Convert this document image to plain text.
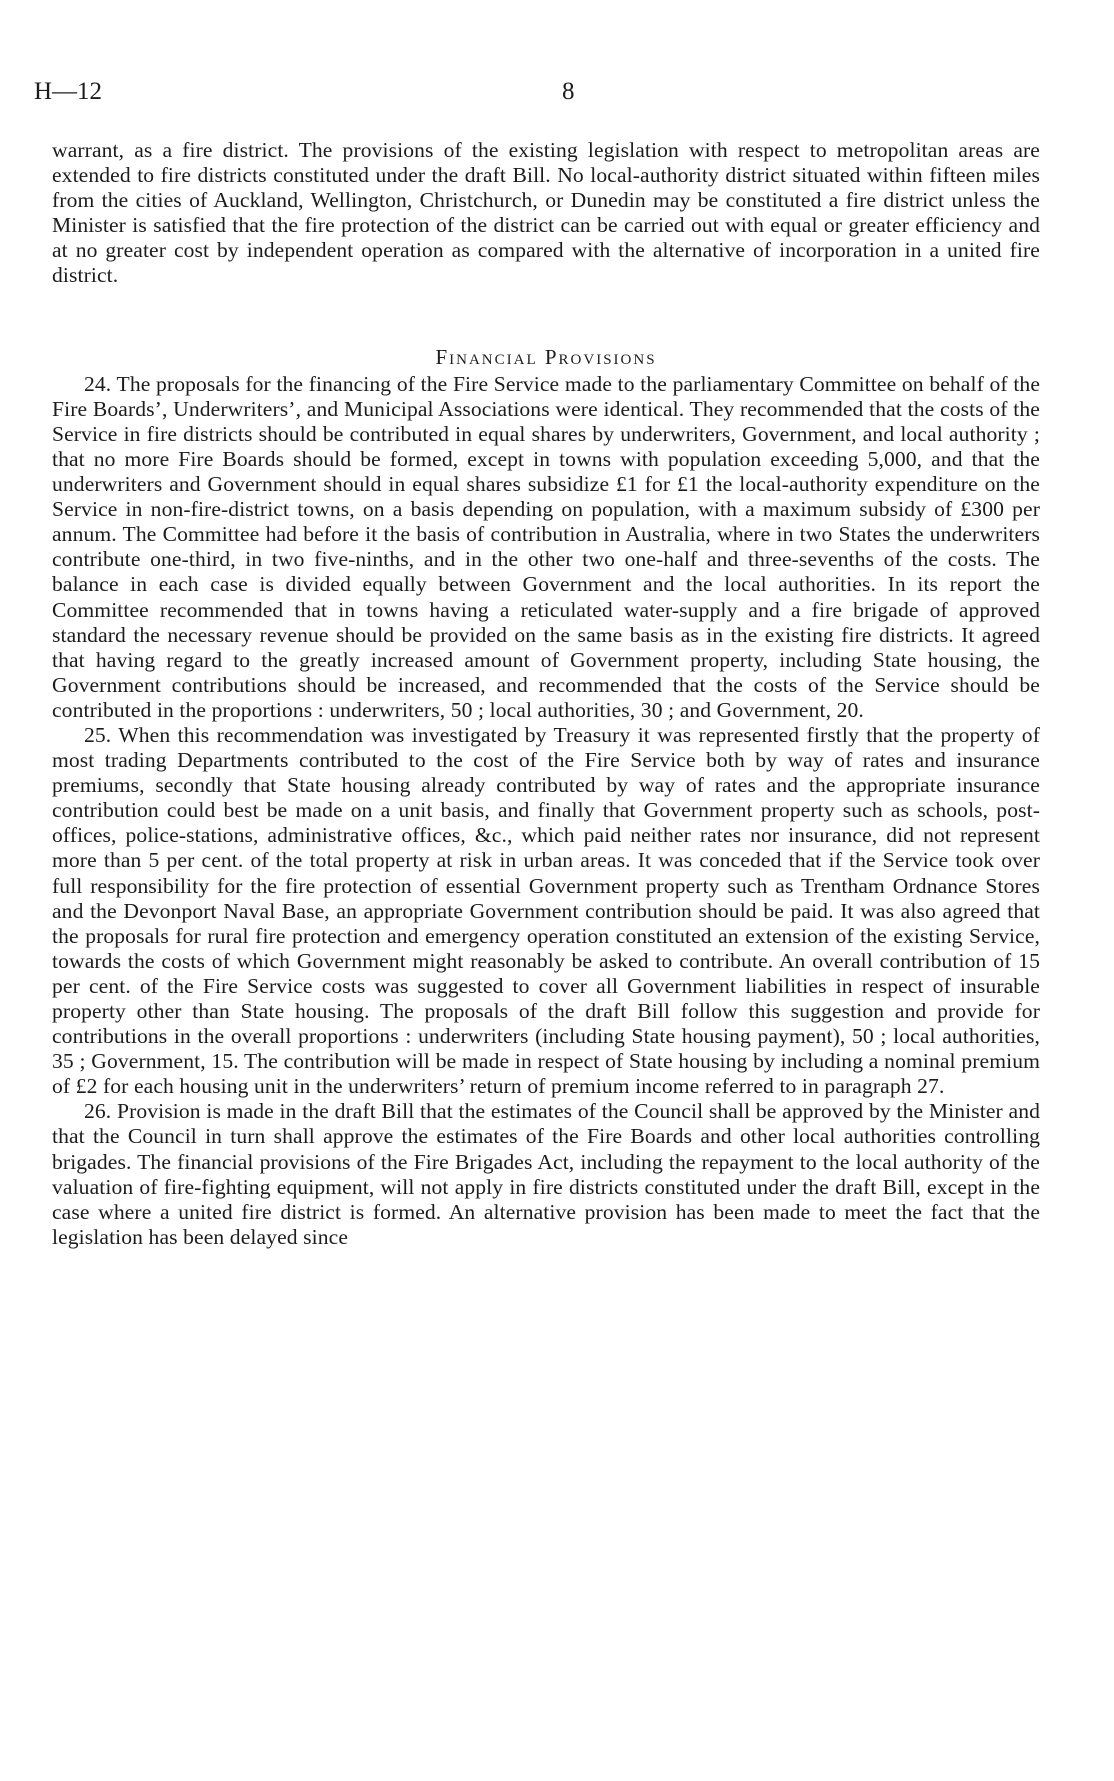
H—12	8

warrant, as a fire district. The provisions of the existing legislation with respect to metropolitan areas are extended to fire districts constituted under the draft Bill. No local-authority district situated within fifteen miles from the cities of Auckland, Wellington, Christchurch, or Dunedin may be constituted a fire district unless the Minister is satisfied that the fire protection of the district can be carried out with equal or greater efficiency and at no greater cost by independent operation as compared with the alternative of incorporation in a united fire district.

Financial Provisions

24. The proposals for the financing of the Fire Service made to the parliamentary Committee on behalf of the Fire Boards’, Underwriters’, and Municipal Associations were identical. They recommended that the costs of the Service in fire districts should be contributed in equal shares by underwriters, Government, and local authority ; that no more Fire Boards should be formed, except in towns with population exceeding 5,000, and that the underwriters and Government should in equal shares subsidize £1 for £1 the local-authority expenditure on the Service in non-fire-district towns, on a basis depending on population, with a maximum subsidy of £300 per annum. The Committee had before it the basis of contribution in Australia, where in two States the underwriters contribute one-third, in two five-ninths, and in the other two one-half and three-sevenths of the costs. The balance in each case is divided equally between Government and the local authorities. In its report the Committee recommended that in towns having a reticulated water-supply and a fire brigade of approved standard the necessary revenue should be provided on the same basis as in the existing fire districts. It agreed that having regard to the greatly increased amount of Government property, including State housing, the Government contributions should be increased, and recommended that the costs of the Service should be contributed in the proportions : underwriters, 50 ; local authorities, 30 ; and Government, 20.

25. When this recommendation was investigated by Treasury it was represented firstly that the property of most trading Departments contributed to the cost of the Fire Service both by way of rates and insurance premiums, secondly that State housing already contributed by way of rates and the appropriate insurance contribution could best be made on a unit basis, and finally that Government property such as schools, post-offices, police-stations, administrative offices, &c., which paid neither rates nor insurance, did not represent more than 5 per cent. of the total property at risk in urban areas. It was conceded that if the Service took over full responsibility for the fire protection of essential Government property such as Trentham Ordnance Stores and the Devonport Naval Base, an appropriate Government contribution should be paid. It was also agreed that the proposals for rural fire protection and emergency operation constituted an extension of the existing Service, towards the costs of which Government might reasonably be asked to contribute. An overall contribution of 15 per cent. of the Fire Service costs was suggested to cover all Government liabilities in respect of insurable property other than State housing. The proposals of the draft Bill follow this suggestion and provide for contributions in the overall proportions : underwriters (including State housing payment), 50 ; local authorities, 35 ; Government, 15. The contribution will be made in respect of State housing by including a nominal premium of £2 for each housing unit in the underwriters’ return of premium income referred to in paragraph 27.

26. Provision is made in the draft Bill that the estimates of the Council shall be approved by the Minister and that the Council in turn shall approve the estimates of the Fire Boards and other local authorities controlling brigades. The financial provisions of the Fire Brigades Act, including the repayment to the local authority of the valuation of fire-fighting equipment, will not apply in fire districts constituted under the draft Bill, except in the case where a united fire district is formed. An alternative provision has been made to meet the fact that the legislation has been delayed since
